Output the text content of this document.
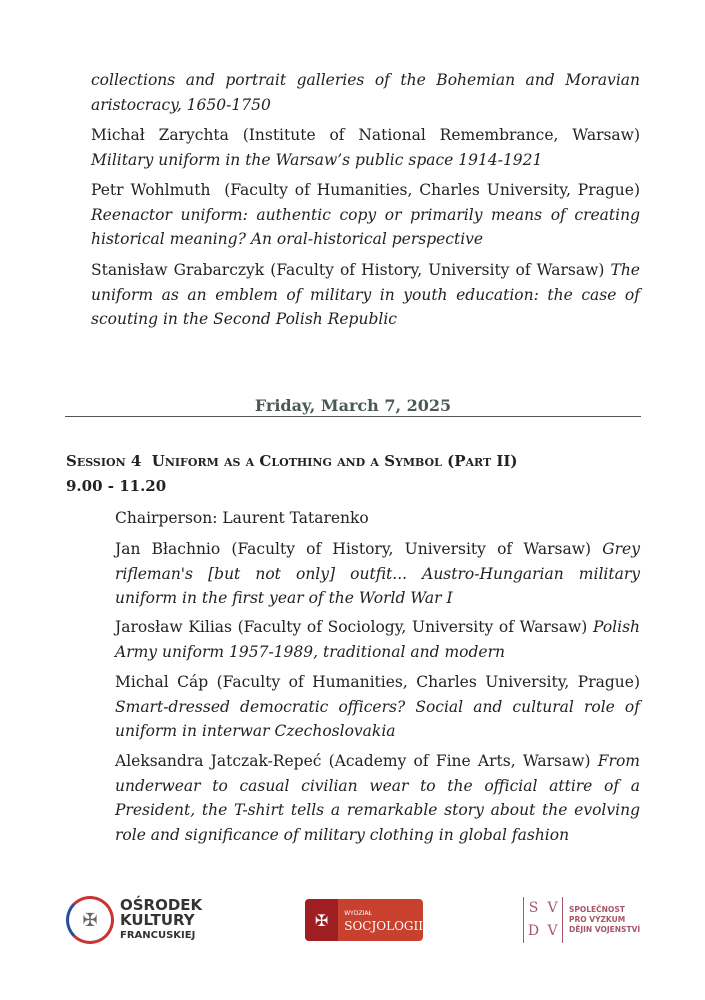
collections and portrait galleries of the Bohemian and Moravian aristocracy, 1650-1750
Michał Zarychta (Institute of National Remembrance, Warsaw) Military uniform in the Warsaw’s public space 1914-1921
Petr Wohlmuth  (Faculty of Humanities, Charles University, Prague) Reenactor uniform: authentic copy or primarily means of creating historical meaning? An oral-historical perspective
Stanisław Grabarczyk (Faculty of History, University of Warsaw) The uniform as an emblem of military in youth education: the case of scouting in the Second Polish Republic
Friday, March 7, 2025
Session 4 Uniform as a Clothing and a Symbol (Part II)
9.00 - 11.20
Chairperson: Laurent Tatarenko
Jan Błachnio (Faculty of History, University of Warsaw) Grey rifleman's [but not only] outfit... Austro-Hungarian military uniform in the first year of the World War I
Jarosław Kilias (Faculty of Sociology, University of Warsaw) Polish Army uniform 1957-1989, traditional and modern
Michal Cáp (Faculty of Humanities, Charles University, Prague) Smart-dressed democratic officers? Social and cultural role of uniform in interwar Czechoslovakia
Aleksandra Jatczak-Repeć (Academy of Fine Arts, Warsaw) From underwear to casual civilian wear to the official attire of a President, the T-shirt tells a remarkable story about the evolving role and significance of military clothing in global fashion
✠
OŚRODEK
KULTURY
FRANCUSKIEJ
✠	WYDZIAŁ
SOCJOLOGII
S V
D V
SPOLEČNOST
PRO VÝZKUM
DĚJIN VOJENSTVÍ
